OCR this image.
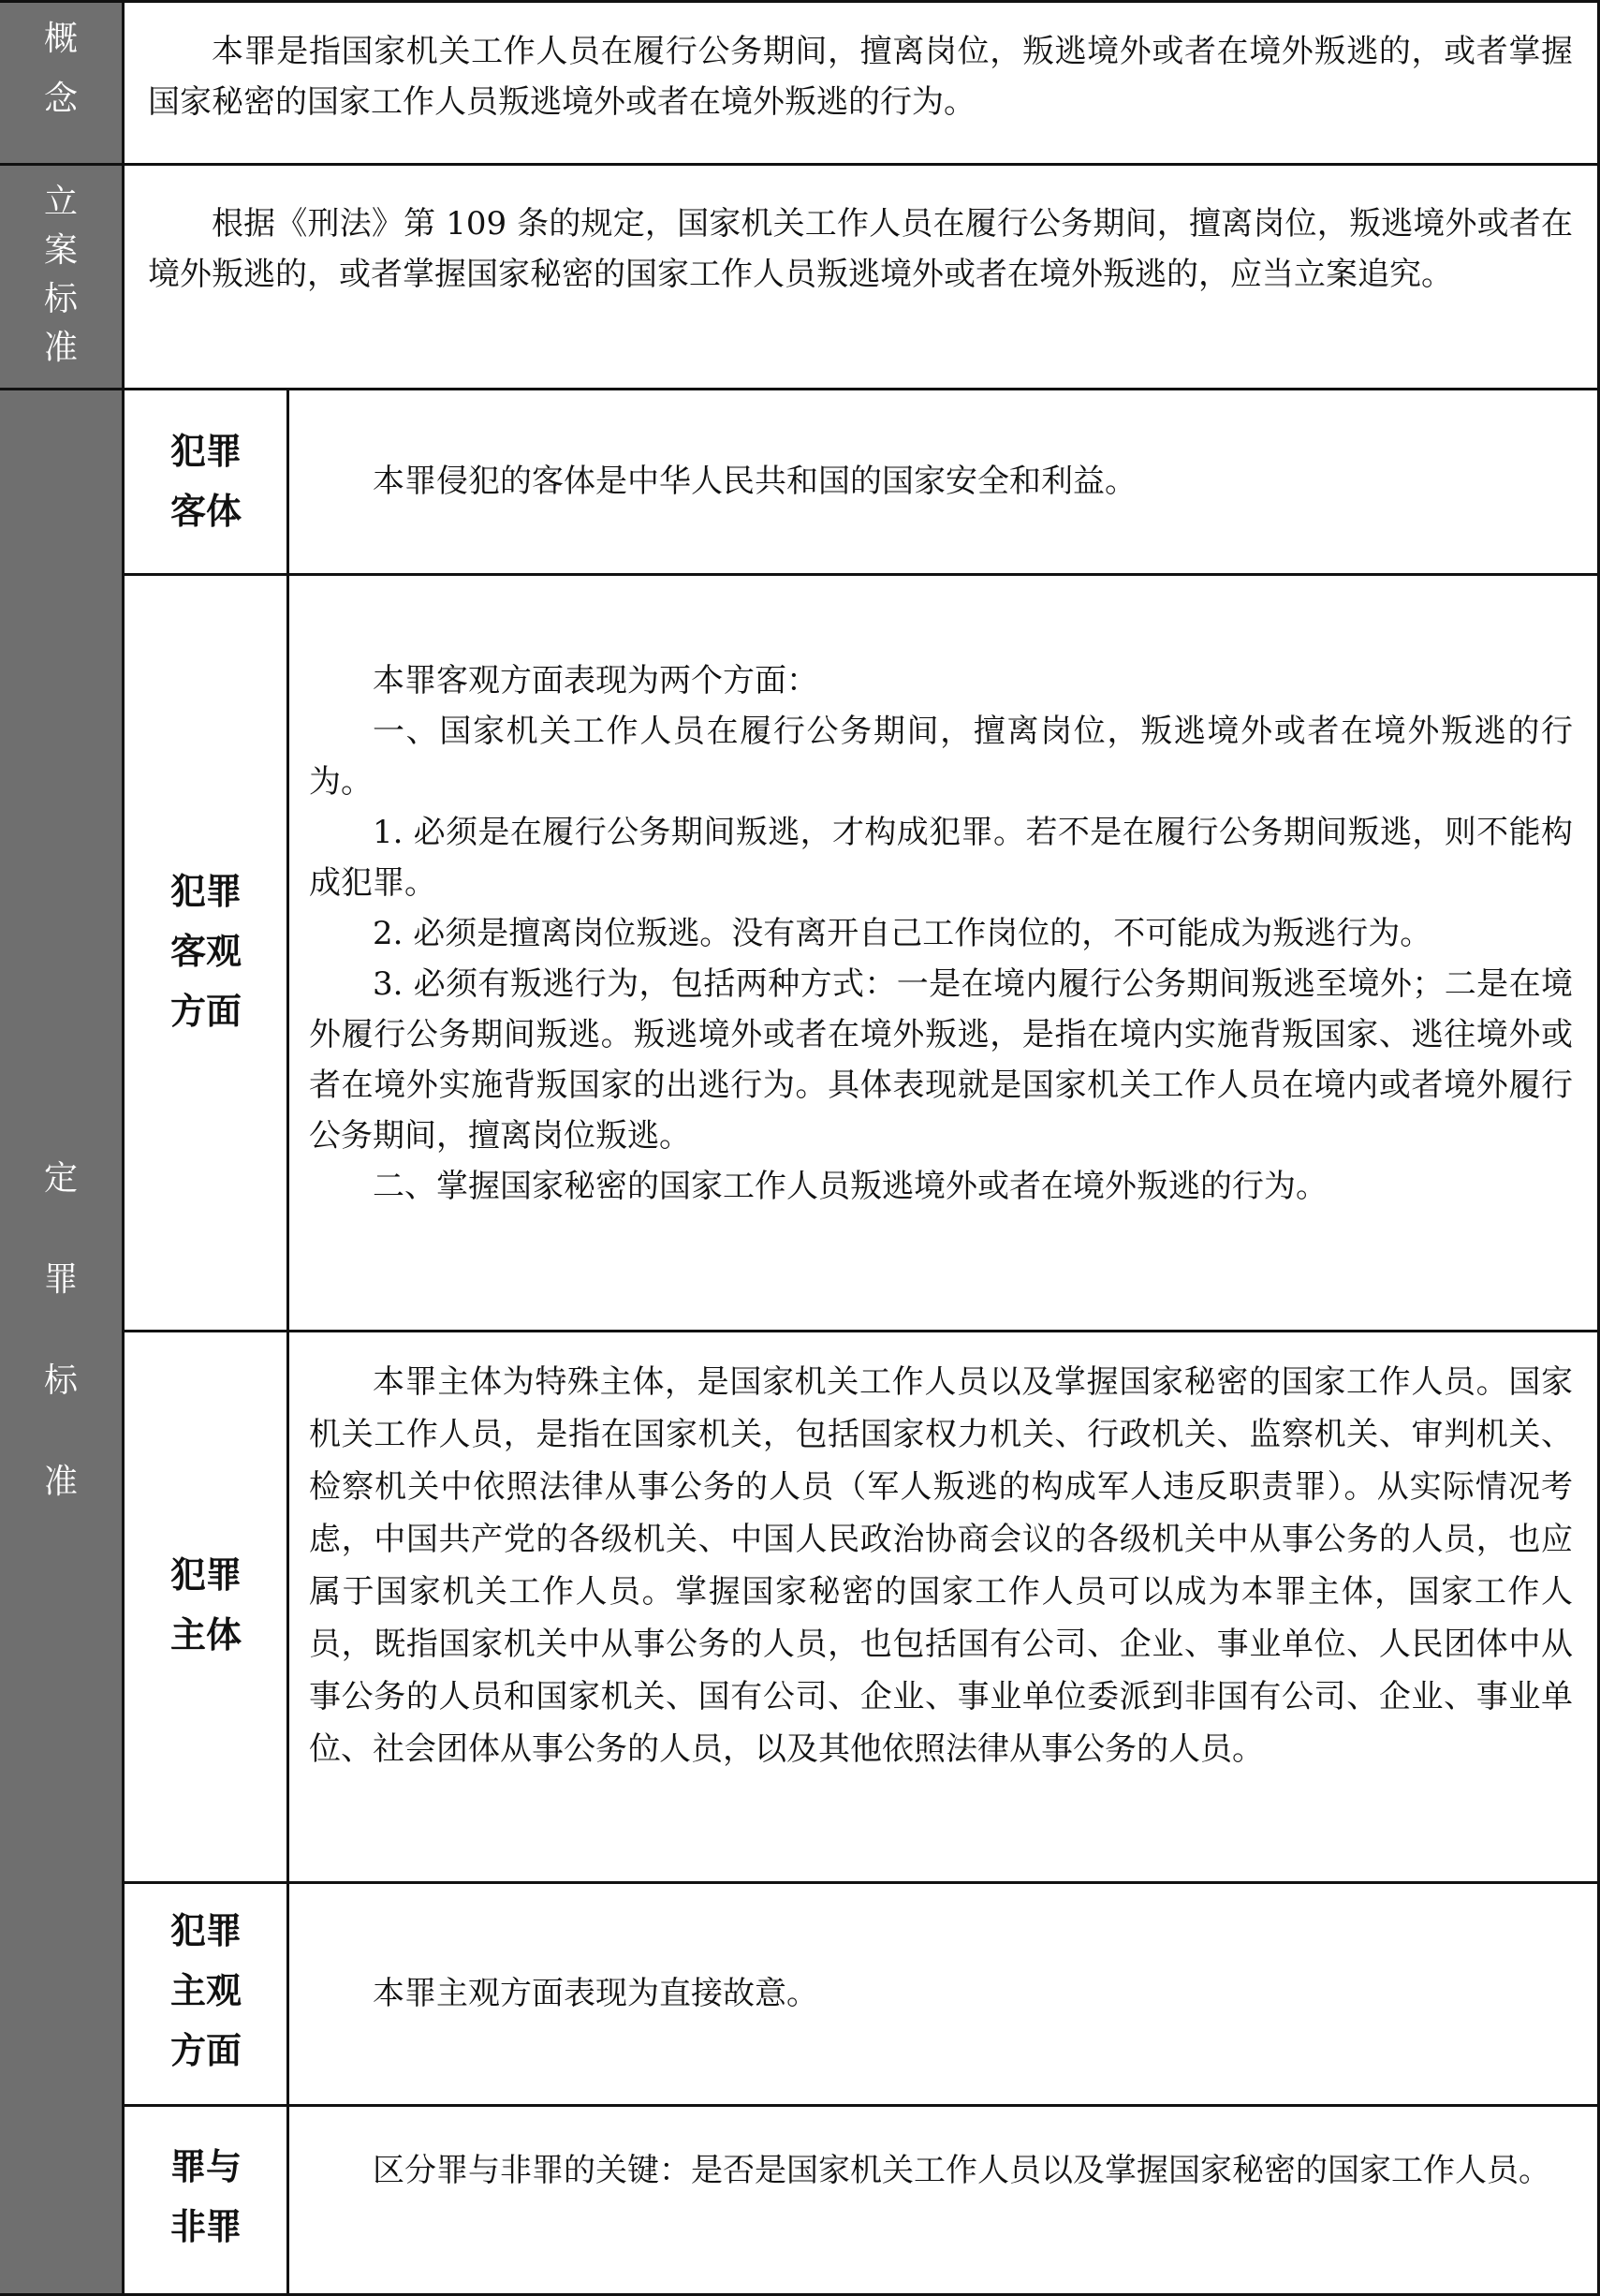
概
念

本罪是指国家机关工作人员在履行公务期间，擅离岗位，叛逃境外或者在境外叛逃的，或者掌握国家秘密的国家工作人员叛逃境外或者在境外叛逃的行为。

立
案
标
准

根据《刑法》第 109 条的规定，国家机关工作人员在履行公务期间，擅离岗位，叛逃境外或者在境外叛逃的，或者掌握国家秘密的国家工作人员叛逃境外或者在境外叛逃的，应当立案追究。

定
罪
标
准
犯罪
客体

本罪侵犯的客体是中华人民共和国的国家安全和利益。

犯罪
客观
方面

本罪客观方面表现为两个方面：

一、国家机关工作人员在履行公务期间，擅离岗位，叛逃境外或者在境外叛逃的行为。

1. 必须是在履行公务期间叛逃，才构成犯罪。若不是在履行公务期间叛逃，则不能构成犯罪。

2. 必须是擅离岗位叛逃。没有离开自己工作岗位的，不可能成为叛逃行为。

3. 必须有叛逃行为，包括两种方式：一是在境内履行公务期间叛逃至境外；二是在境外履行公务期间叛逃。叛逃境外或者在境外叛逃，是指在境内实施背叛国家、逃往境外或者在境外实施背叛国家的出逃行为。具体表现就是国家机关工作人员在境内或者境外履行公务期间，擅离岗位叛逃。

二、掌握国家秘密的国家工作人员叛逃境外或者在境外叛逃的行为。

犯罪
主体

本罪主体为特殊主体，是国家机关工作人员以及掌握国家秘密的国家工作人员。国家机关工作人员，是指在国家机关，包括国家权力机关、行政机关、监察机关、审判机关、检察机关中依照法律从事公务的人员（军人叛逃的构成军人违反职责罪）。从实际情况考虑，中国共产党的各级机关、中国人民政治协商会议的各级机关中从事公务的人员，也应属于国家机关工作人员。掌握国家秘密的国家工作人员可以成为本罪主体，国家工作人员，既指国家机关中从事公务的人员，也包括国有公司、企业、事业单位、人民团体中从事公务的人员和国家机关、国有公司、企业、事业单位委派到非国有公司、企业、事业单位、社会团体从事公务的人员，以及其他依照法律从事公务的人员。

犯罪
主观
方面

本罪主观方面表现为直接故意。

罪与
非罪

区分罪与非罪的关键：是否是国家机关工作人员以及掌握国家秘密的国家工作人员。
